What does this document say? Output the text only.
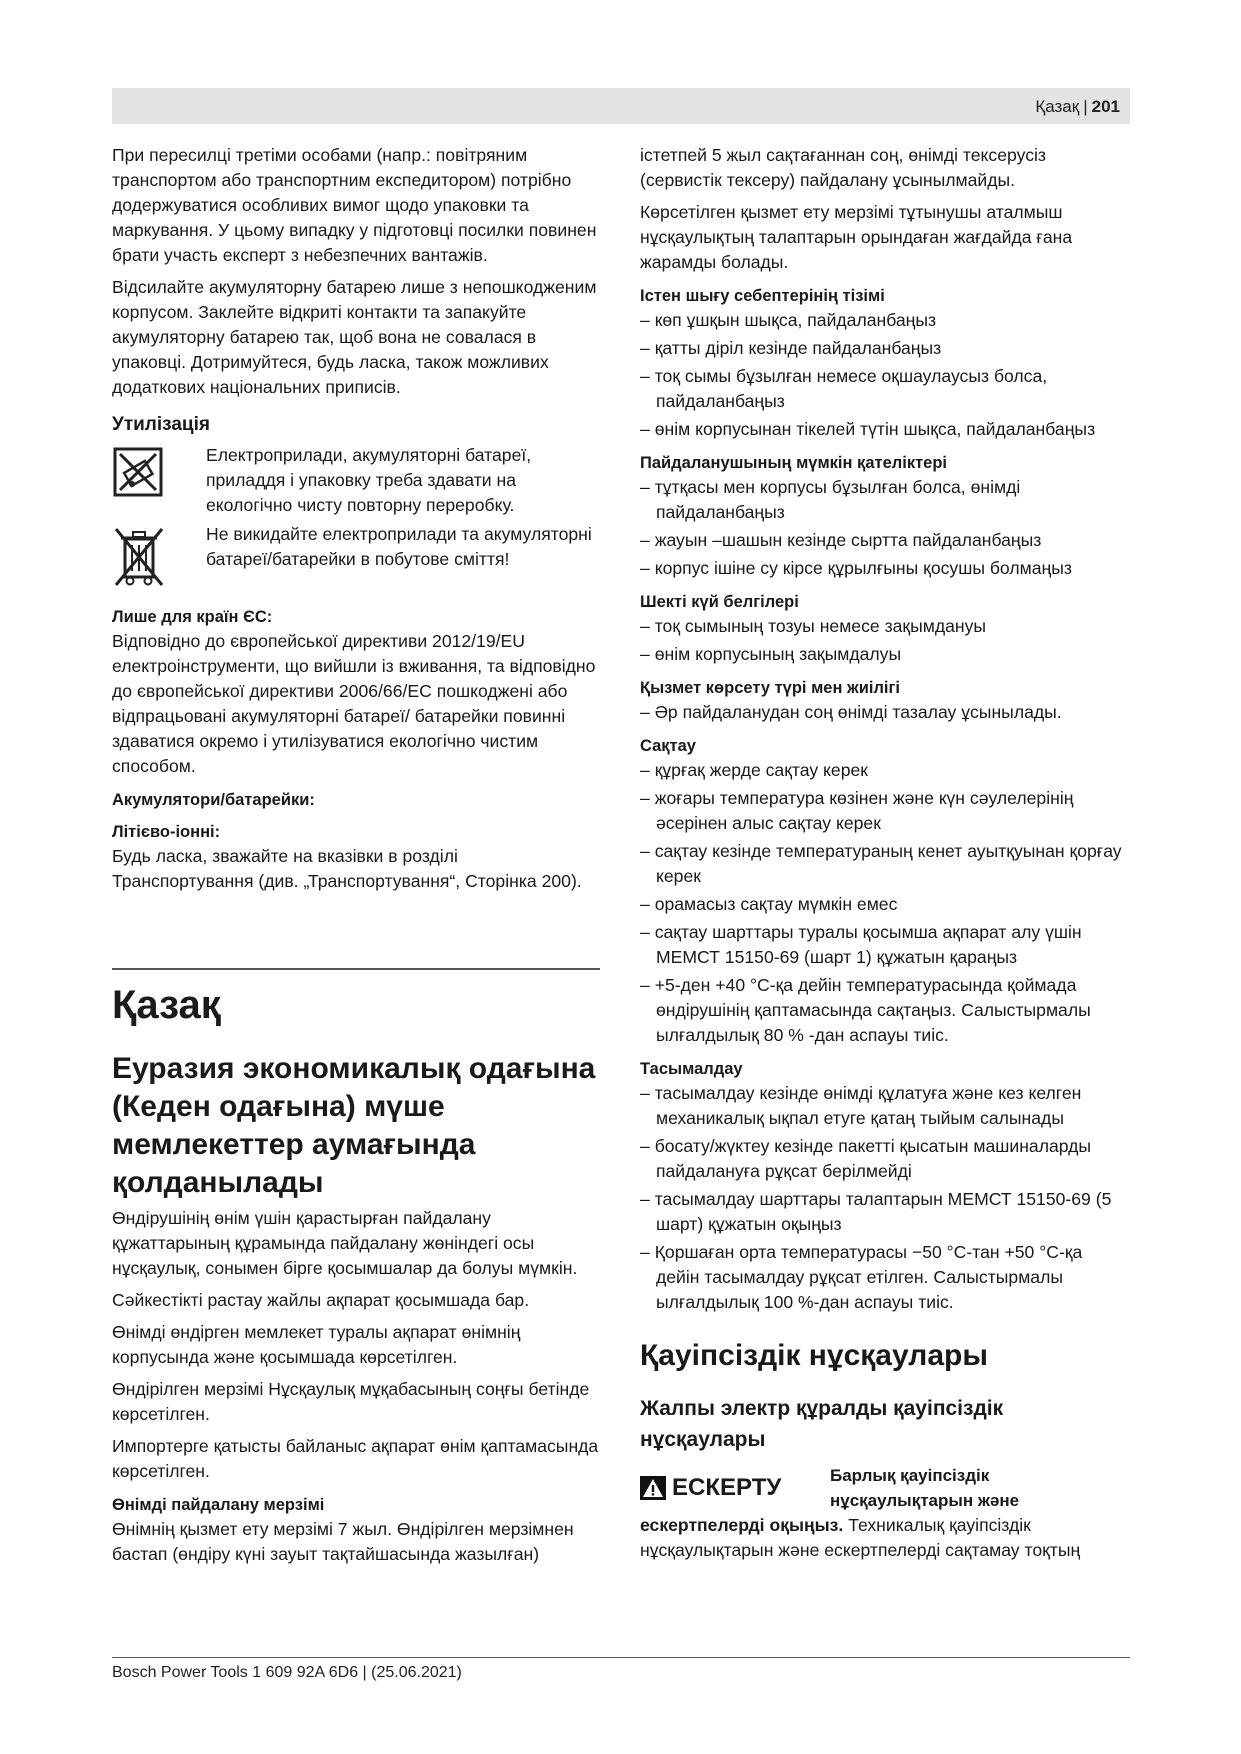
Қазақ | 201

При пересилці третіми особами (напр.: повітряним транспортом або транспортним експедитором) потрібно додержуватися особливих вимог щодо упаковки та маркування. У цьому випадку у підготовці посилки повинен брати участь експерт з небезпечних вантажів.

Відсилайте акумуляторну батарею лише з непошкодженим корпусом. Заклейте відкриті контакти та запакуйте акумуляторну батарею так, щоб вона не совалася в упаковці. Дотримуйтеся, будь ласка, також можливих додаткових національних приписів.

Утилізація

Електроприлади, акумуляторні батареї, приладдя і упаковку треба здавати на екологічно чисту повторну переробку.

Не викидайте електроприлади та акумуляторні батареї/батарейки в побутове сміття!

Лише для країн ЄС:

Відповідно до європейської директиви 2012/19/EU електроінструменти, що вийшли із вживання, та відповідно до європейської директиви 2006/66/EC пошкоджені або відпрацьовані акумуляторні батареї/ батарейки повинні здаватися окремо і утилізуватися екологічно чистим способом.

Акумулятори/батарейки:
Літієво-іонні:

Будь ласка, зважайте на вказівки в розділі Транспортування (див. „Транспортування“, Сторінка 200).

Қазақ
Еуразия экономикалық одағына (Кеден одағына) мүше мемлекеттер аумағында қолданылады

Өндірушінің өнім үшін қарастырған пайдалану құжаттарының құрамында пайдалану жөніндегі осы нұсқаулық, сонымен бірге қосымшалар да болуы мүмкін.

Сәйкестікті растау жайлы ақпарат қосымшада бар.

Өнімді өндірген мемлекет туралы ақпарат өнімнің корпусында және қосымшада көрсетілген.

Өндірілген мерзімі Нұсқаулық мұқабасының соңғы бетінде көрсетілген.

Импортерге қатысты байланыс ақпарат өнім қаптамасында көрсетілген.

Өнімді пайдалану мерзімі

Өнімнің қызмет ету мерзімі 7 жыл. Өндірілген мерзімнен бастап (өндіру күні зауыт тақтайшасында жазылған)

істетпей 5 жыл сақтағаннан соң, өнімді тексерусіз (сервистік тексеру) пайдалану ұсынылмайды.

Көрсетілген қызмет ету мерзімі тұтынушы аталмыш нұсқаулықтың талаптарын орындаған жағдайда ғана жарамды болады.

Істен шығу себептерінің тізімі
– көп ұшқын шықса, пайдаланбаңыз
– қатты діріл кезінде пайдаланбаңыз
– тоқ сымы бұзылған немесе оқшаулаусыз болса, пайдаланбаңыз
– өнім корпусынан тікелей түтін шықса, пайдаланбаңыз
Пайдаланушының мүмкін қателіктері
– тұтқасы мен корпусы бұзылған болса, өнімді пайдаланбаңыз
– жауын –шашын кезінде сыртта пайдаланбаңыз
– корпус ішіне су кірсе құрылғыны қосушы болмаңыз
Шекті күй белгілері
– тоқ сымының тозуы немесе зақымдануы
– өнім корпусының зақымдалуы
Қызмет көрсету түрі мен жиілігі
– Әр пайдаланудан соң өнімді тазалау ұсынылады.
Сақтау
– құрғақ жерде сақтау керек
– жоғары температура көзінен және күн сәулелерінің әсерінен алыс сақтау керек
– сақтау кезінде температураның кенет ауытқуынан қорғау керек
– орамасыз сақтау мүмкін емес
– сақтау шарттары туралы қосымша ақпарат алу үшін МЕМСТ 15150-69 (шарт 1) құжатын қараңыз
– +5-ден +40 °C-қа дейін температурасында қоймада өндірушінің қаптамасында сақтаңыз. Салыстырмалы ылғалдылық 80 % -дан аспауы тиіс.
Тасымалдау
– тасымалдау кезінде өнімді құлатуға және кез келген механикалық ықпал етуге қатаң тыйым салынады
– босату/жүктеу кезінде пакетті қысатын машиналарды пайдалануға рұқсат берілмейді
– тасымалдау шарттары талаптарын МЕМСТ 15150-69 (5 шарт) құжатын оқыңыз
– Қоршаған орта температурасы −50 °C-тан +50 °C-қа дейін тасымалдау рұқсат етілген. Салыстырмалы ылғалдылық 100 %-дан аспауы тиіс.
Қауіпсіздік нұсқаулары
Жалпы электр құралды қауіпсіздік нұсқаулары
ЕСКЕРТУ	Барлық қауіпсіздік нұсқаулықтарын және

ескертпелерді оқыңыз. Техникалық қауіпсіздік нұсқаулықтарын және ескертпелерді сақтамау тоқтың

Bosch Power Tools 1 609 92A 6D6 | (25.06.2021)
